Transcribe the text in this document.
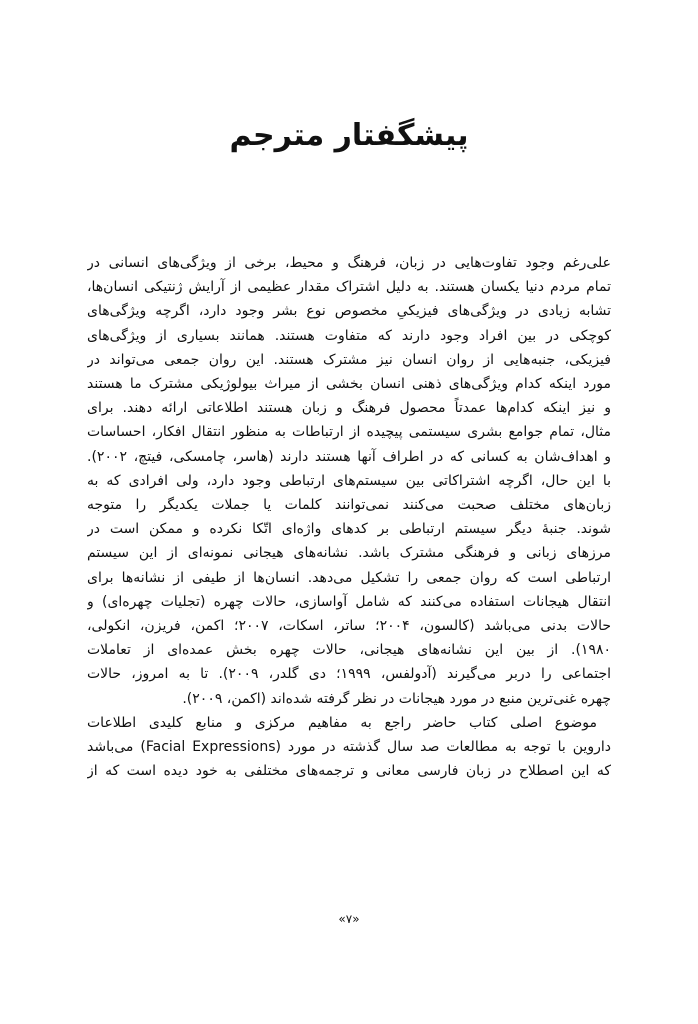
پیشگفتار مترجم
علی‌رغم وجود تفاوت‌هایی در زبان، فرهنگ و محیط، برخی از ویژگی‌های انسانی در
تمام مردم دنیا یکسان هستند. به دلیل اشتراک مقدار عظیمی از آرایش ژنتیکی انسان‌ها،
تشابه زیادی در ویژگی‌های فیزیکیِ مخصوص نوع بشر وجود دارد، اگرچه ویژگی‌های
کوچکی در بین افراد وجود دارند که متفاوت هستند. همانند بسیاری از ویژگی‌های
فیزیکی، جنبه‌هایی از روان انسان نیز مشترک هستند. این روان جمعی می‌تواند در
مورد اینکه کدام ویژگی‌های ذهنی انسان بخشی از میراث بیولوژیکی مشترک ما هستند
و نیز اینکه کدام‌ها عمدتاً محصول فرهنگ و زبان هستند اطلاعاتی ارائه دهند. برای
مثال، تمام جوامع بشری سیستمی پیچیده از ارتباطات به منظور انتقال افکار، احساسات
و اهداف‌شان به کسانی که در اطراف آنها هستند دارند (هاسر، چامسکی، فیتچ، ۲۰۰۲).
با این حال، اگرچه اشتراکاتی بین سیستم‌های ارتباطی وجود دارد، ولی افرادی که به
زبان‌های مختلف صحبت می‌کنند نمی‌توانند کلمات یا جملات یکدیگر را متوجه
شوند. جنبهٔ دیگر سیستم ارتباطی بر کدهای واژه‌ای اتّکا نکرده و ممکن است در
مرزهای زبانی و فرهنگی مشترک باشد. نشانه‌های هیجانی نمونه‌ای از این سیستم
ارتباطی است که روان جمعی را تشکیل می‌دهد. انسان‌ها از طیفی از نشانه‌ها برای
انتقال هیجانات استفاده می‌کنند که شامل آواسازی، حالات چهره (تجلیات چهره‌ای) و
حالات بدنی می‌باشد (کالسون، ۲۰۰۴؛ ساتر، اسکات، ۲۰۰۷؛ اکمن، فریزن، انکولی،
۱۹۸۰). از بین این نشانه‌های هیجانی، حالات چهره بخش عمده‌ای از تعاملات
اجتماعی را دربر می‌گیرند (آدولفس، ۱۹۹۹؛ دی گلدر، ۲۰۰۹). تا به امروز، حالات
چهره غنی‌ترین منبع در مورد هیجانات در نظر گرفته شده‌اند (اکمن، ۲۰۰۹).
موضوع اصلی کتاب حاضر راجع به مفاهیم مرکزی و منابع کلیدی اطلاعات
داروین با توجه به مطالعات صد سال گذشته در مورد (Facial Expressions) می‌باشد
که این اصطلاح در زبان فارسی معانی و ترجمه‌های مختلفی به خود دیده است که از
«۷»
